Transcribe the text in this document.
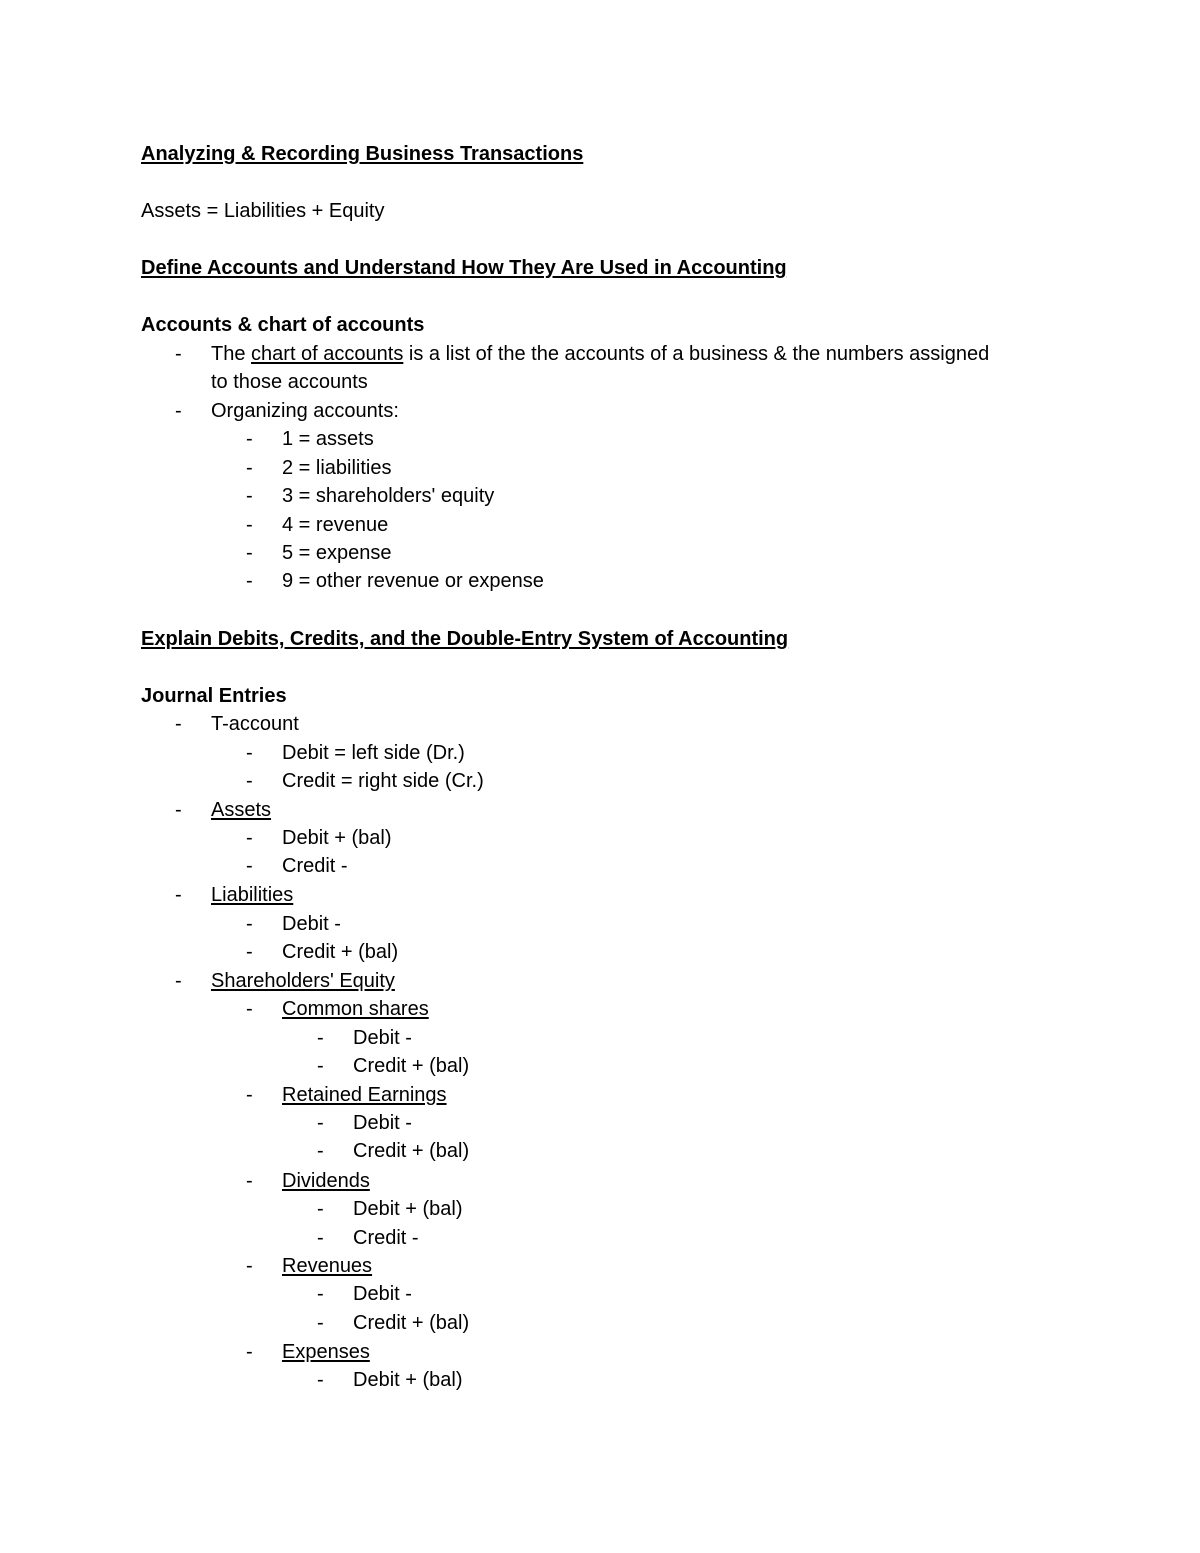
Analyzing & Recording Business Transactions
Assets = Liabilities + Equity
Define Accounts and Understand How They Are Used in Accounting
Accounts & chart of accounts
- The chart of accounts is a list of the the accounts of a business & the numbers assigned
to those accounts
- Organizing accounts:
- 1 = assets
- 2 = liabilities
- 3 = shareholders' equity
- 4 = revenue
- 5 = expense
- 9 = other revenue or expense
Explain Debits, Credits, and the Double-Entry System of Accounting
Journal Entries
- T-account
- Debit = left side (Dr.)
- Credit = right side (Cr.)
- Assets
- Debit + (bal)
- Credit -
- Liabilities
- Debit -
- Credit + (bal)
- Shareholders' Equity
- Common shares
- Debit -
- Credit + (bal)
- Retained Earnings
- Debit -
- Credit + (bal)
- Dividends
- Debit + (bal)
- Credit -
- Revenues
- Debit -
- Credit + (bal)
- Expenses
- Debit + (bal)
